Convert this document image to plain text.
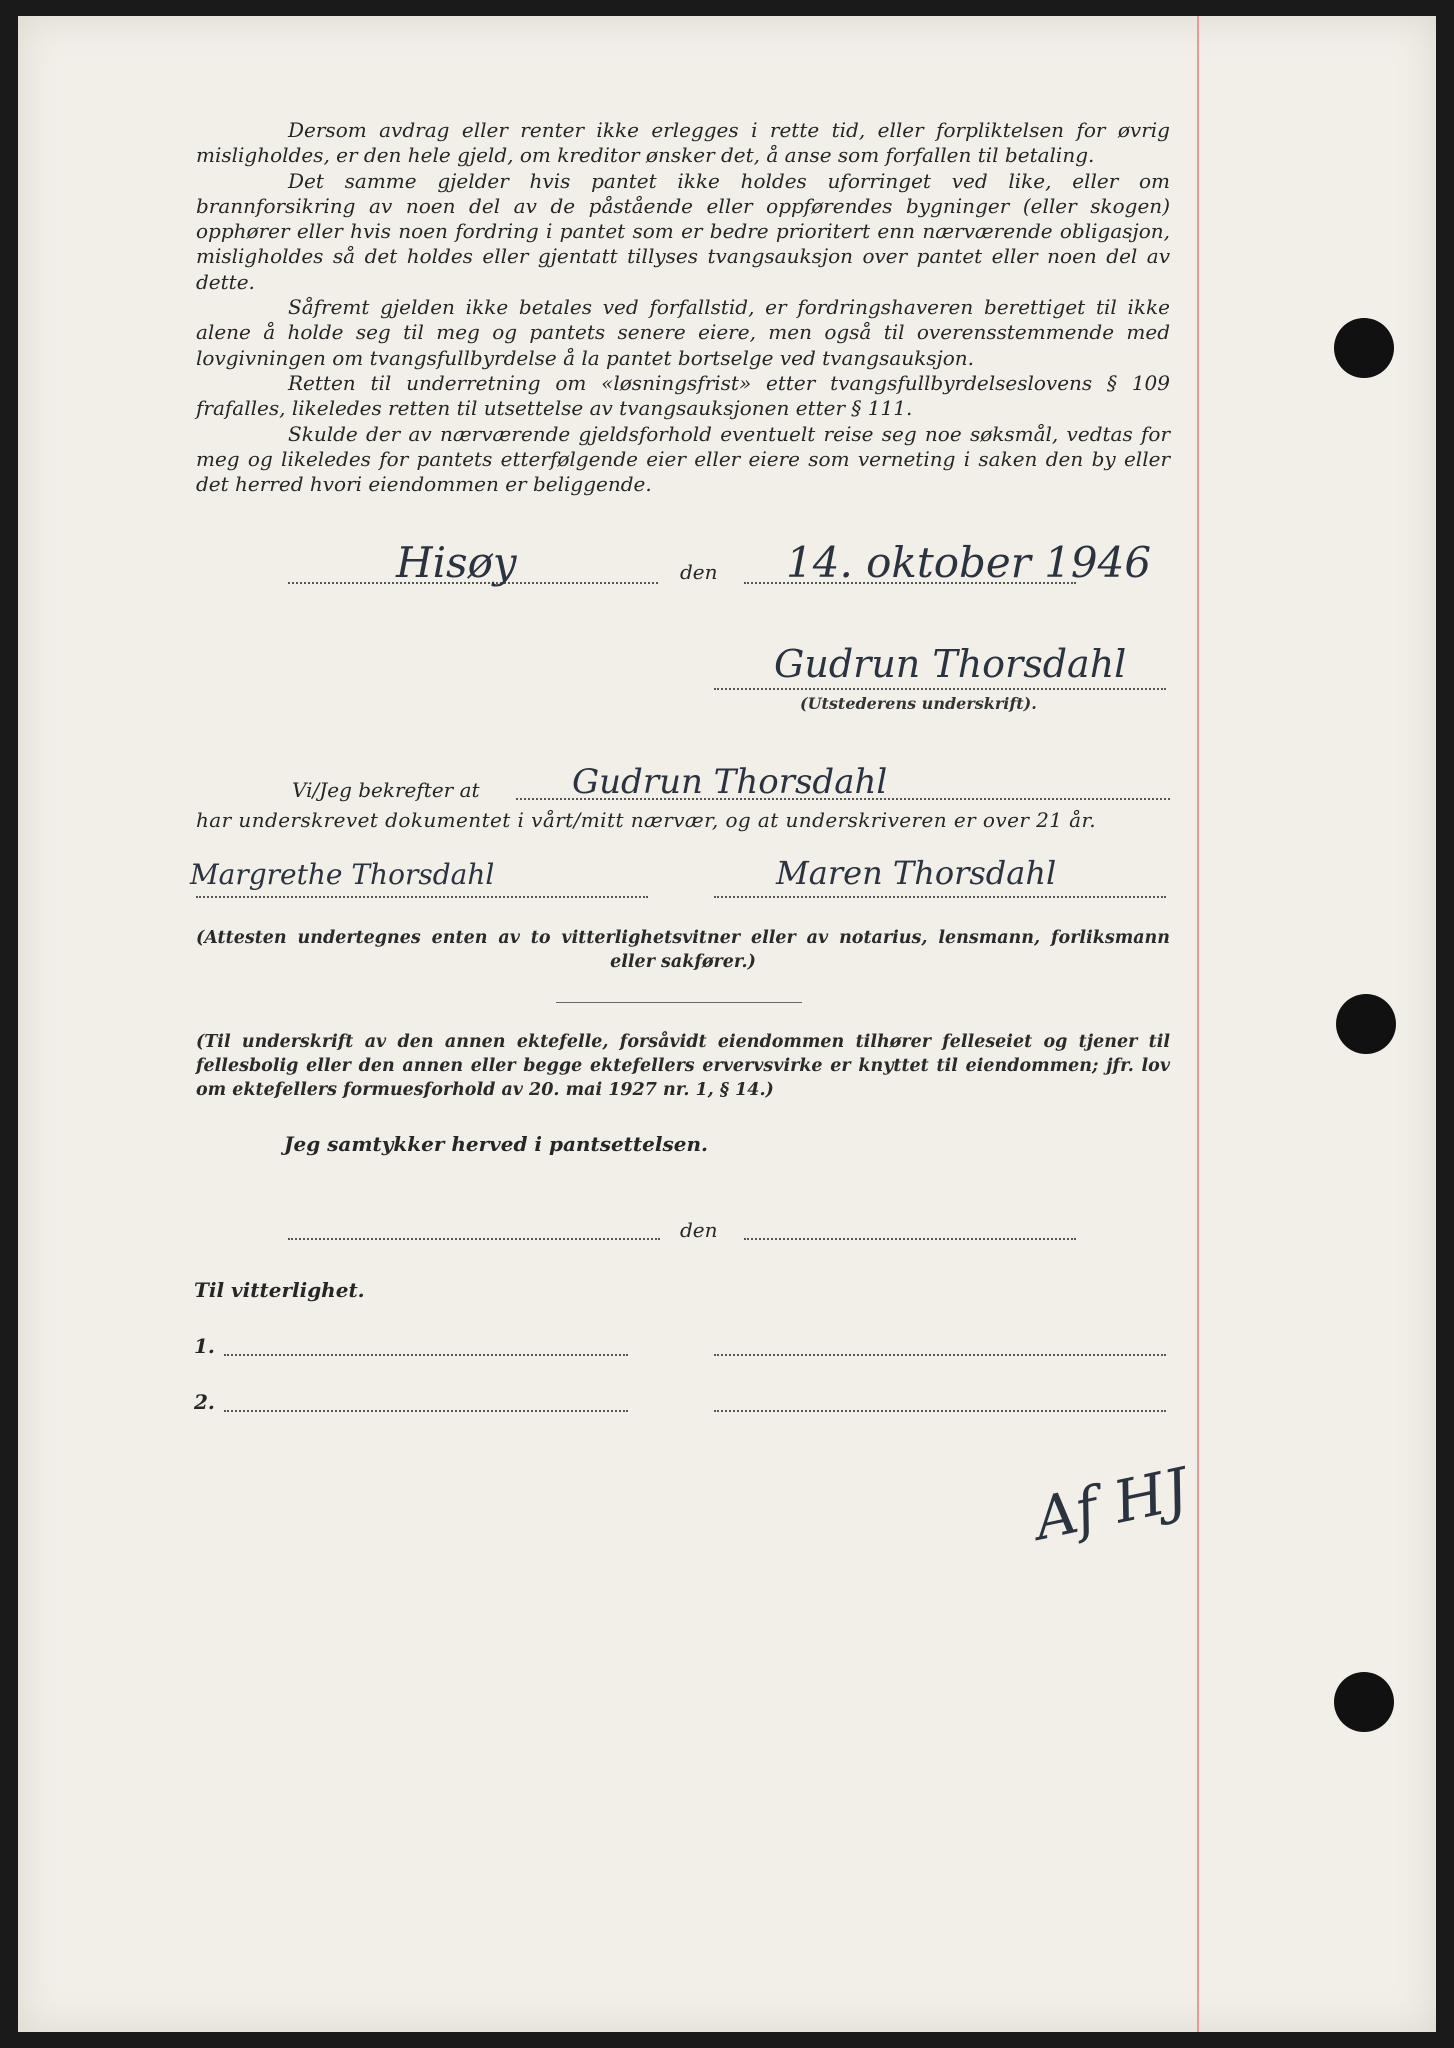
Dersom avdrag eller renter ikke erlegges i rette tid, eller forpliktelsen for øvrig misligholdes, er den hele gjeld, om kreditor ønsker det, å anse som forfallen til betaling.

Det samme gjelder hvis pantet ikke holdes uforringet ved like, eller om brannforsikring av noen del av de påstående eller oppførendes bygninger (eller skogen) opphører eller hvis noen fordring i pantet som er bedre prioritert enn nærværende obligasjon, misligholdes så det holdes eller gjentatt tillyses tvangsauksjon over pantet eller noen del av dette.

Såfremt gjelden ikke betales ved forfallstid, er fordringshaveren berettiget til ikke alene å holde seg til meg og pantets senere eiere, men også til overensstemmende med lovgivningen om tvangsfullbyrdelse å la pantet bortselge ved tvangsauksjon.

Retten til underretning om «løsningsfrist» etter tvangsfullbyrdelseslovens § 109 frafalles, likeledes retten til utsettelse av tvangsauksjonen etter § 111.

Skulde der av nærværende gjeldsforhold eventuelt reise seg noe søksmål, vedtas for meg og likeledes for pantets etterfølgende eier eller eiere som verneting i saken den by eller det herred hvori eiendommen er beliggende.

Hisøy	den 14. oktober 1946
Gudrun Thorsdahl
(Utstederens underskrift).
Vi/Jeg bekrefter at	Gudrun Thorsdahl
har underskrevet dokumentet i vårt/mitt nærvær, og at underskriveren er over 21 år.
Margrethe Thorsdahl	Maren Thorsdahl
(Attesten undertegnes enten av to vitterlighetsvitner eller av notarius, lensmann, forliksmann eller sakfører.)
(Til underskrift av den annen ektefelle, forsåvidt eiendommen tilhører felleseiet og tjener til fellesbolig eller den annen eller begge ektefellers ervervsvirke er knyttet til eiendommen; jfr. lov om ektefellers formuesforhold av 20. mai 1927 nr. 1, § 14.)
Jeg samtykker herved i pantsettelsen.
den
Til vitterlighet.
1.
2.
Af HJ
